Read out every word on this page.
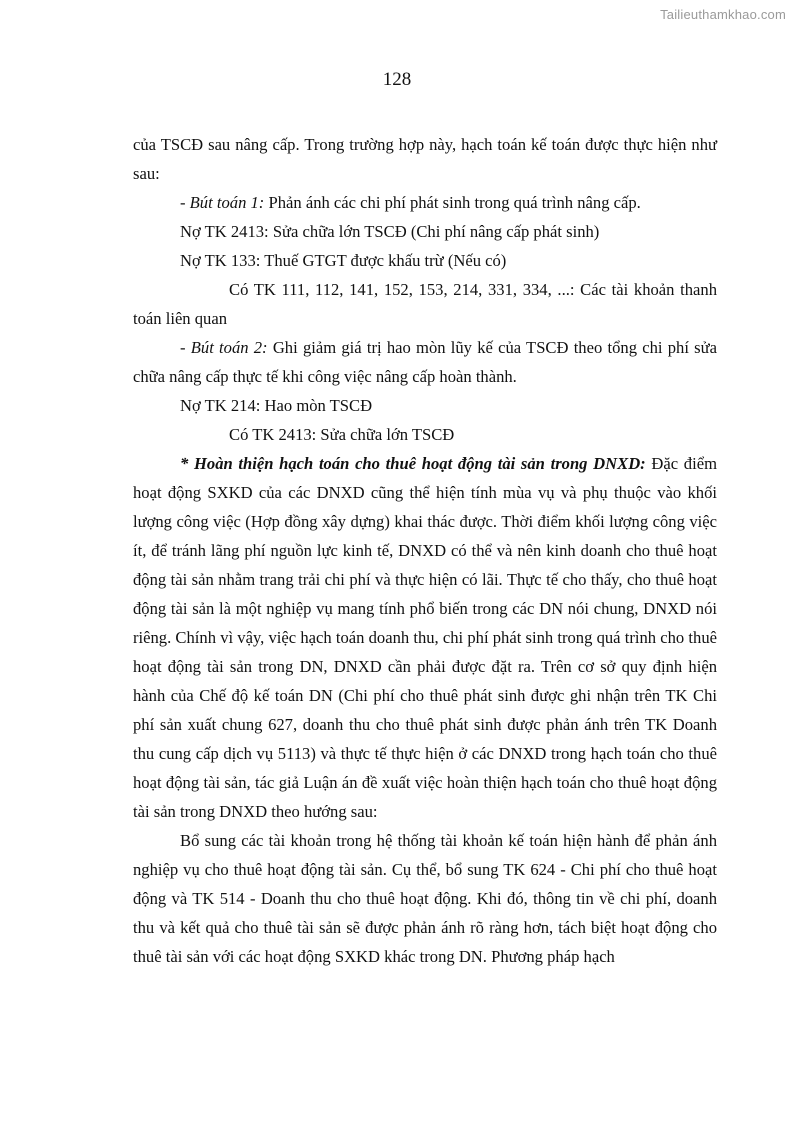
Tailieuthamkhao.com
128

của TSCĐ sau nâng cấp. Trong trường hợp này, hạch toán kế toán được thực hiện như sau:

- Bút toán 1: Phản ánh các chi phí phát sinh trong quá trình nâng cấp.

Nợ TK 2413: Sửa chữa lớn TSCĐ (Chi phí nâng cấp phát sinh)

Nợ TK 133: Thuế GTGT được khấu trừ (Nếu có)

Có TK 111, 112, 141, 152, 153, 214, 331, 334, ...: Các tài khoản thanh toán liên quan

- Bút toán 2: Ghi giảm giá trị hao mòn lũy kế của TSCĐ theo tổng chi phí sửa chữa nâng cấp thực tế khi công việc nâng cấp hoàn thành.

Nợ TK 214: Hao mòn TSCĐ

Có TK 2413: Sửa chữa lớn TSCĐ

* Hoàn thiện hạch toán cho thuê hoạt động tài sản trong DNXD: Đặc điểm hoạt động SXKD của các DNXD cũng thể hiện tính mùa vụ và phụ thuộc vào khối lượng công việc (Hợp đồng xây dựng) khai thác được. Thời điểm khối lượng công việc ít, để tránh lãng phí nguồn lực kinh tế, DNXD có thể và nên kinh doanh cho thuê hoạt động tài sản nhằm trang trải chi phí và thực hiện có lãi. Thực tế cho thấy, cho thuê hoạt động tài sản là một nghiệp vụ mang tính phổ biến trong các DN nói chung, DNXD nói riêng. Chính vì vậy, việc hạch toán doanh thu, chi phí phát sinh trong quá trình cho thuê hoạt động tài sản trong DN, DNXD cần phải được đặt ra. Trên cơ sở quy định hiện hành của Chế độ kế toán DN (Chi phí cho thuê phát sinh được ghi nhận trên TK Chi phí sản xuất chung 627, doanh thu cho thuê phát sinh được phản ánh trên TK Doanh thu cung cấp dịch vụ 5113) và thực tế thực hiện ở các DNXD trong hạch toán cho thuê hoạt động tài sản, tác giả Luận án đề xuất việc hoàn thiện hạch toán cho thuê hoạt động tài sản trong DNXD theo hướng sau:

Bổ sung các tài khoản trong hệ thống tài khoản kế toán hiện hành để phản ánh nghiệp vụ cho thuê hoạt động tài sản. Cụ thể, bổ sung TK 624 - Chi phí cho thuê hoạt động và TK 514 - Doanh thu cho thuê hoạt động. Khi đó, thông tin về chi phí, doanh thu và kết quả cho thuê tài sản sẽ được phản ánh rõ ràng hơn, tách biệt hoạt động cho thuê tài sản với các hoạt động SXKD khác trong DN. Phương pháp hạch
